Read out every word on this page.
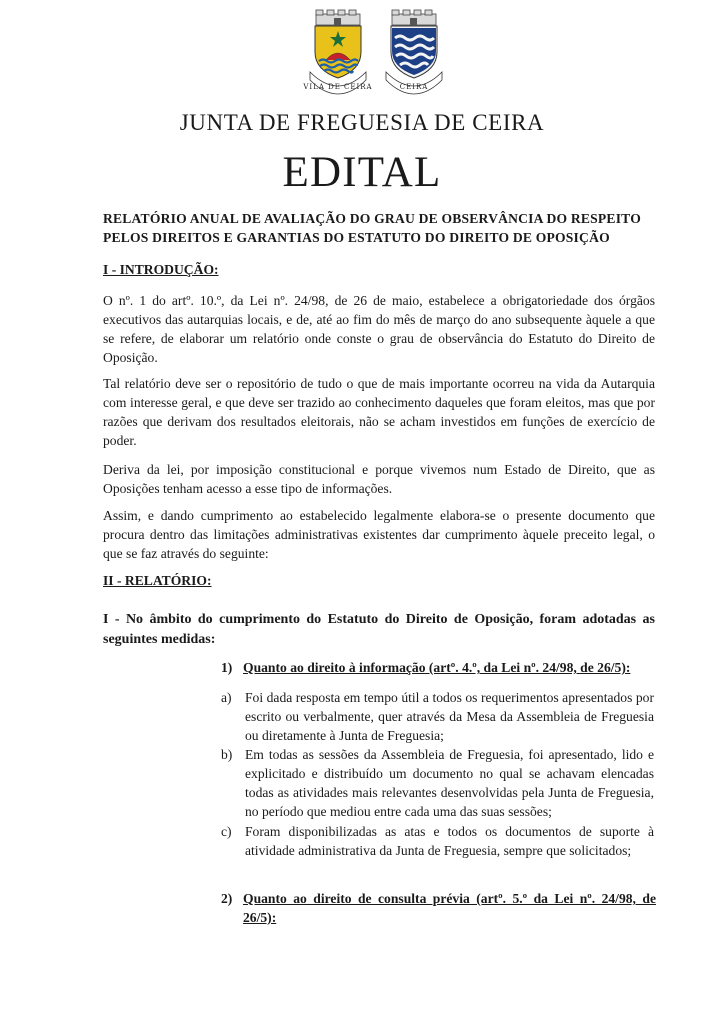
VILA DE CEIRA	CEIRA
JUNTA DE FREGUESIA DE CEIRA
EDITAL
RELATÓRIO ANUAL DE AVALIAÇÃO DO GRAU DE OBSERVÂNCIA DO RESPEITO
PELOS DIREITOS E GARANTIAS DO ESTATUTO DO DIREITO DE OPOSIÇÃO
I - INTRODUÇÃO:
O nº. 1 do artº. 10.º, da Lei nº. 24/98, de 26 de maio, estabelece a obrigatoriedade dos órgãos executivos das autarquias locais, e de, até ao fim do mês de março do ano subsequente àquele a que se refere, de elaborar um relatório onde conste o grau de observância do Estatuto do Direito de Oposição.
Tal relatório deve ser o repositório de tudo o que de mais importante ocorreu na vida da Autarquia com interesse geral, e que deve ser trazido ao conhecimento daqueles que foram eleitos, mas que por razões que derivam dos resultados eleitorais, não se acham investidos em funções de exercício de poder.
Deriva da lei, por imposição constitucional e porque vivemos num Estado de Direito, que as Oposições tenham acesso a esse tipo de informações.
Assim, e dando cumprimento ao estabelecido legalmente elabora-se o presente documento que procura dentro das limitações administrativas existentes dar cumprimento àquele preceito legal, o que se faz através do seguinte:
II - RELATÓRIO:
I - No âmbito do cumprimento do Estatuto do Direito de Oposição, foram adotadas as seguintes medidas:
1) Quanto ao direito à informação (artº. 4.º, da Lei nº. 24/98, de 26/5):
a) Foi dada resposta em tempo útil a todos os requerimentos apresentados por escrito ou verbalmente, quer através da Mesa da Assembleia de Freguesia ou diretamente à Junta de Freguesia;
b) Em todas as sessões da Assembleia de Freguesia, foi apresentado, lido e explicitado e distribuído um documento no qual se achavam elencadas todas as atividades mais relevantes desenvolvidas pela Junta de Freguesia, no período que mediou entre cada uma das suas sessões;
c) Foram disponibilizadas as atas e todos os documentos de suporte à atividade administrativa da Junta de Freguesia, sempre que solicitados;
2) Quanto ao direito de consulta prévia (artº. 5.º da Lei nº. 24/98, de 26/5):
